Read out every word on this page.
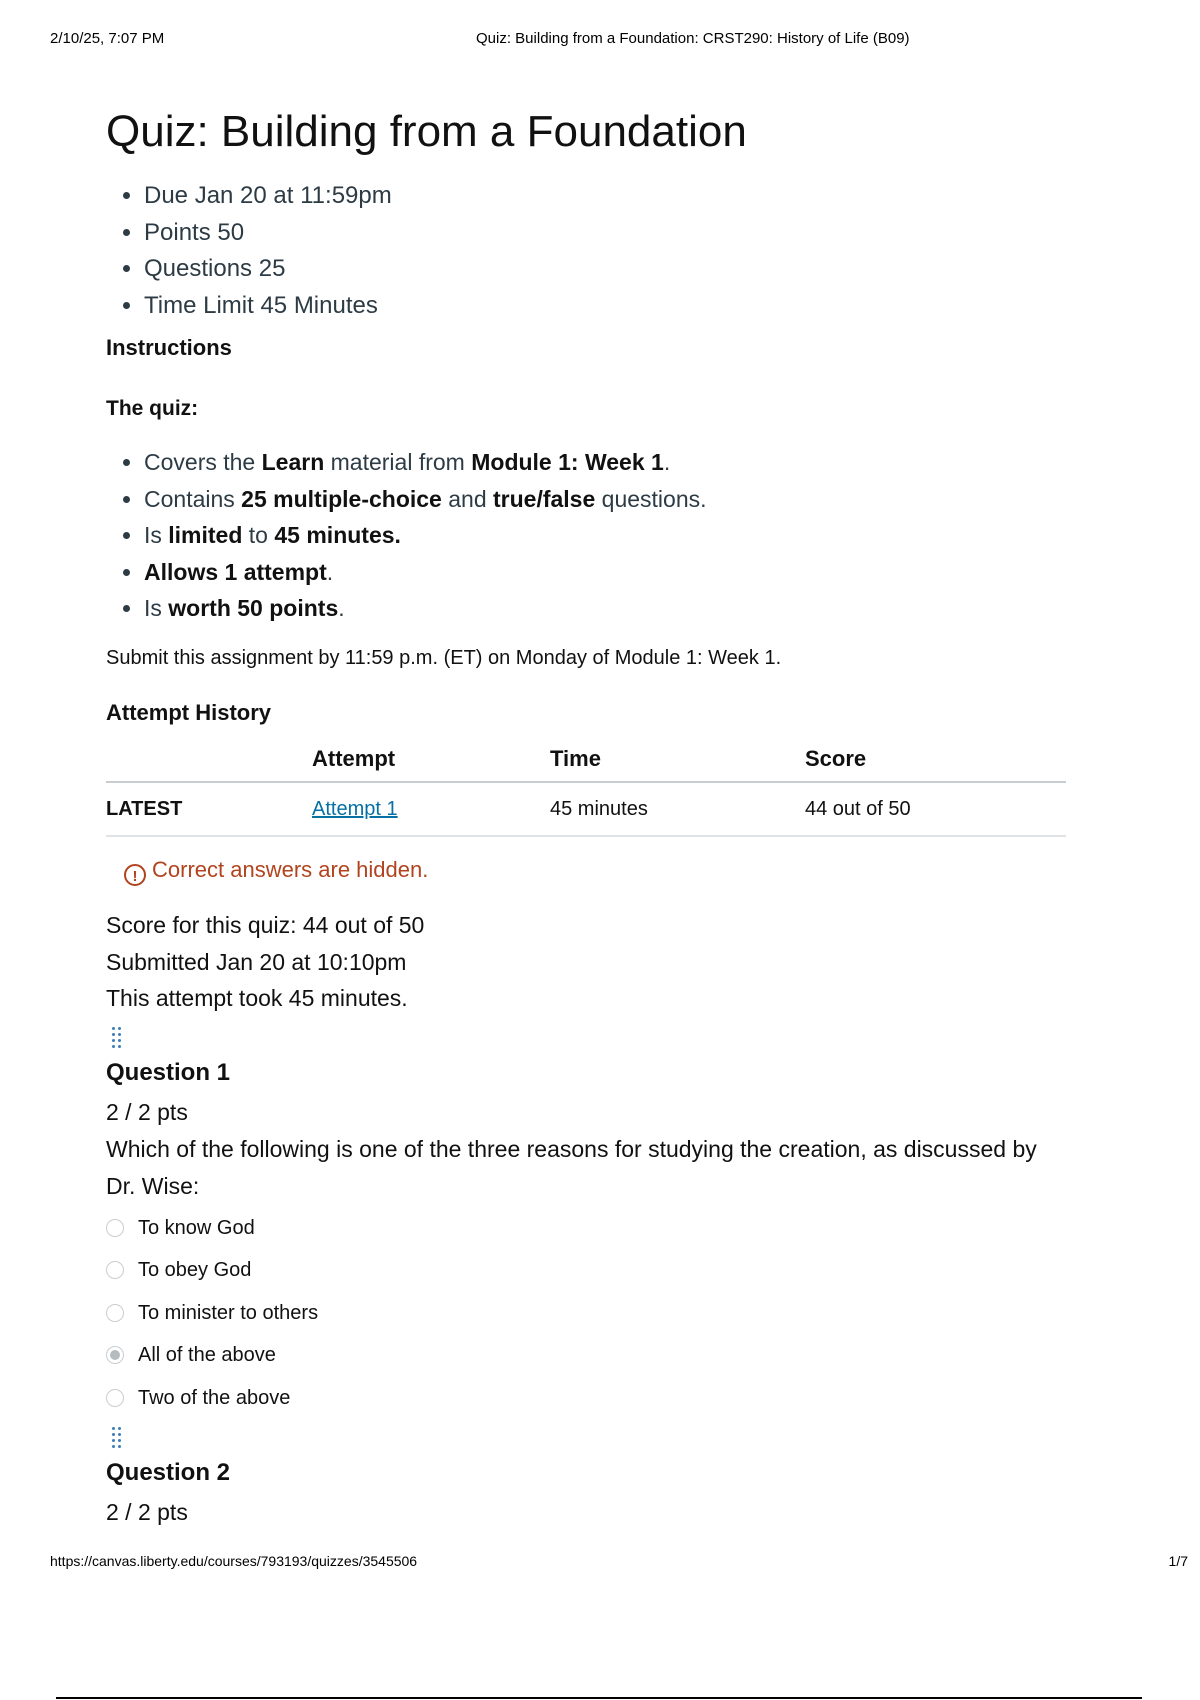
2/10/25, 7:07 PM	Quiz: Building from a Foundation: CRST290: History of Life (B09)
Quiz: Building from a Foundation
• Due Jan 20 at 11:59pm
• Points 50
• Questions 25
• Time Limit 45 Minutes
Instructions
The quiz:
• Covers the Learn material from Module 1: Week 1.
• Contains 25 multiple-choice and true/false questions.
• Is limited to 45 minutes.
• Allows 1 attempt.
• Is worth 50 points.
Submit this assignment by 11:59 p.m. (ET) on Monday of Module 1: Week 1.
Attempt History
	Attempt	Time	Score
LATEST	Attempt 1	45 minutes	44 out of 50
! Correct answers are hidden.
Score for this quiz: 44 out of 50
Submitted Jan 20 at 10:10pm
This attempt took 45 minutes.
Question 1
2 / 2 pts
Which of the following is one of the three reasons for studying the creation, as discussed by Dr. Wise:
To know God
To obey God
To minister to others
All of the above
Two of the above
Question 2
2 / 2 pts
https://canvas.liberty.edu/courses/793193/quizzes/3545506	1/7
